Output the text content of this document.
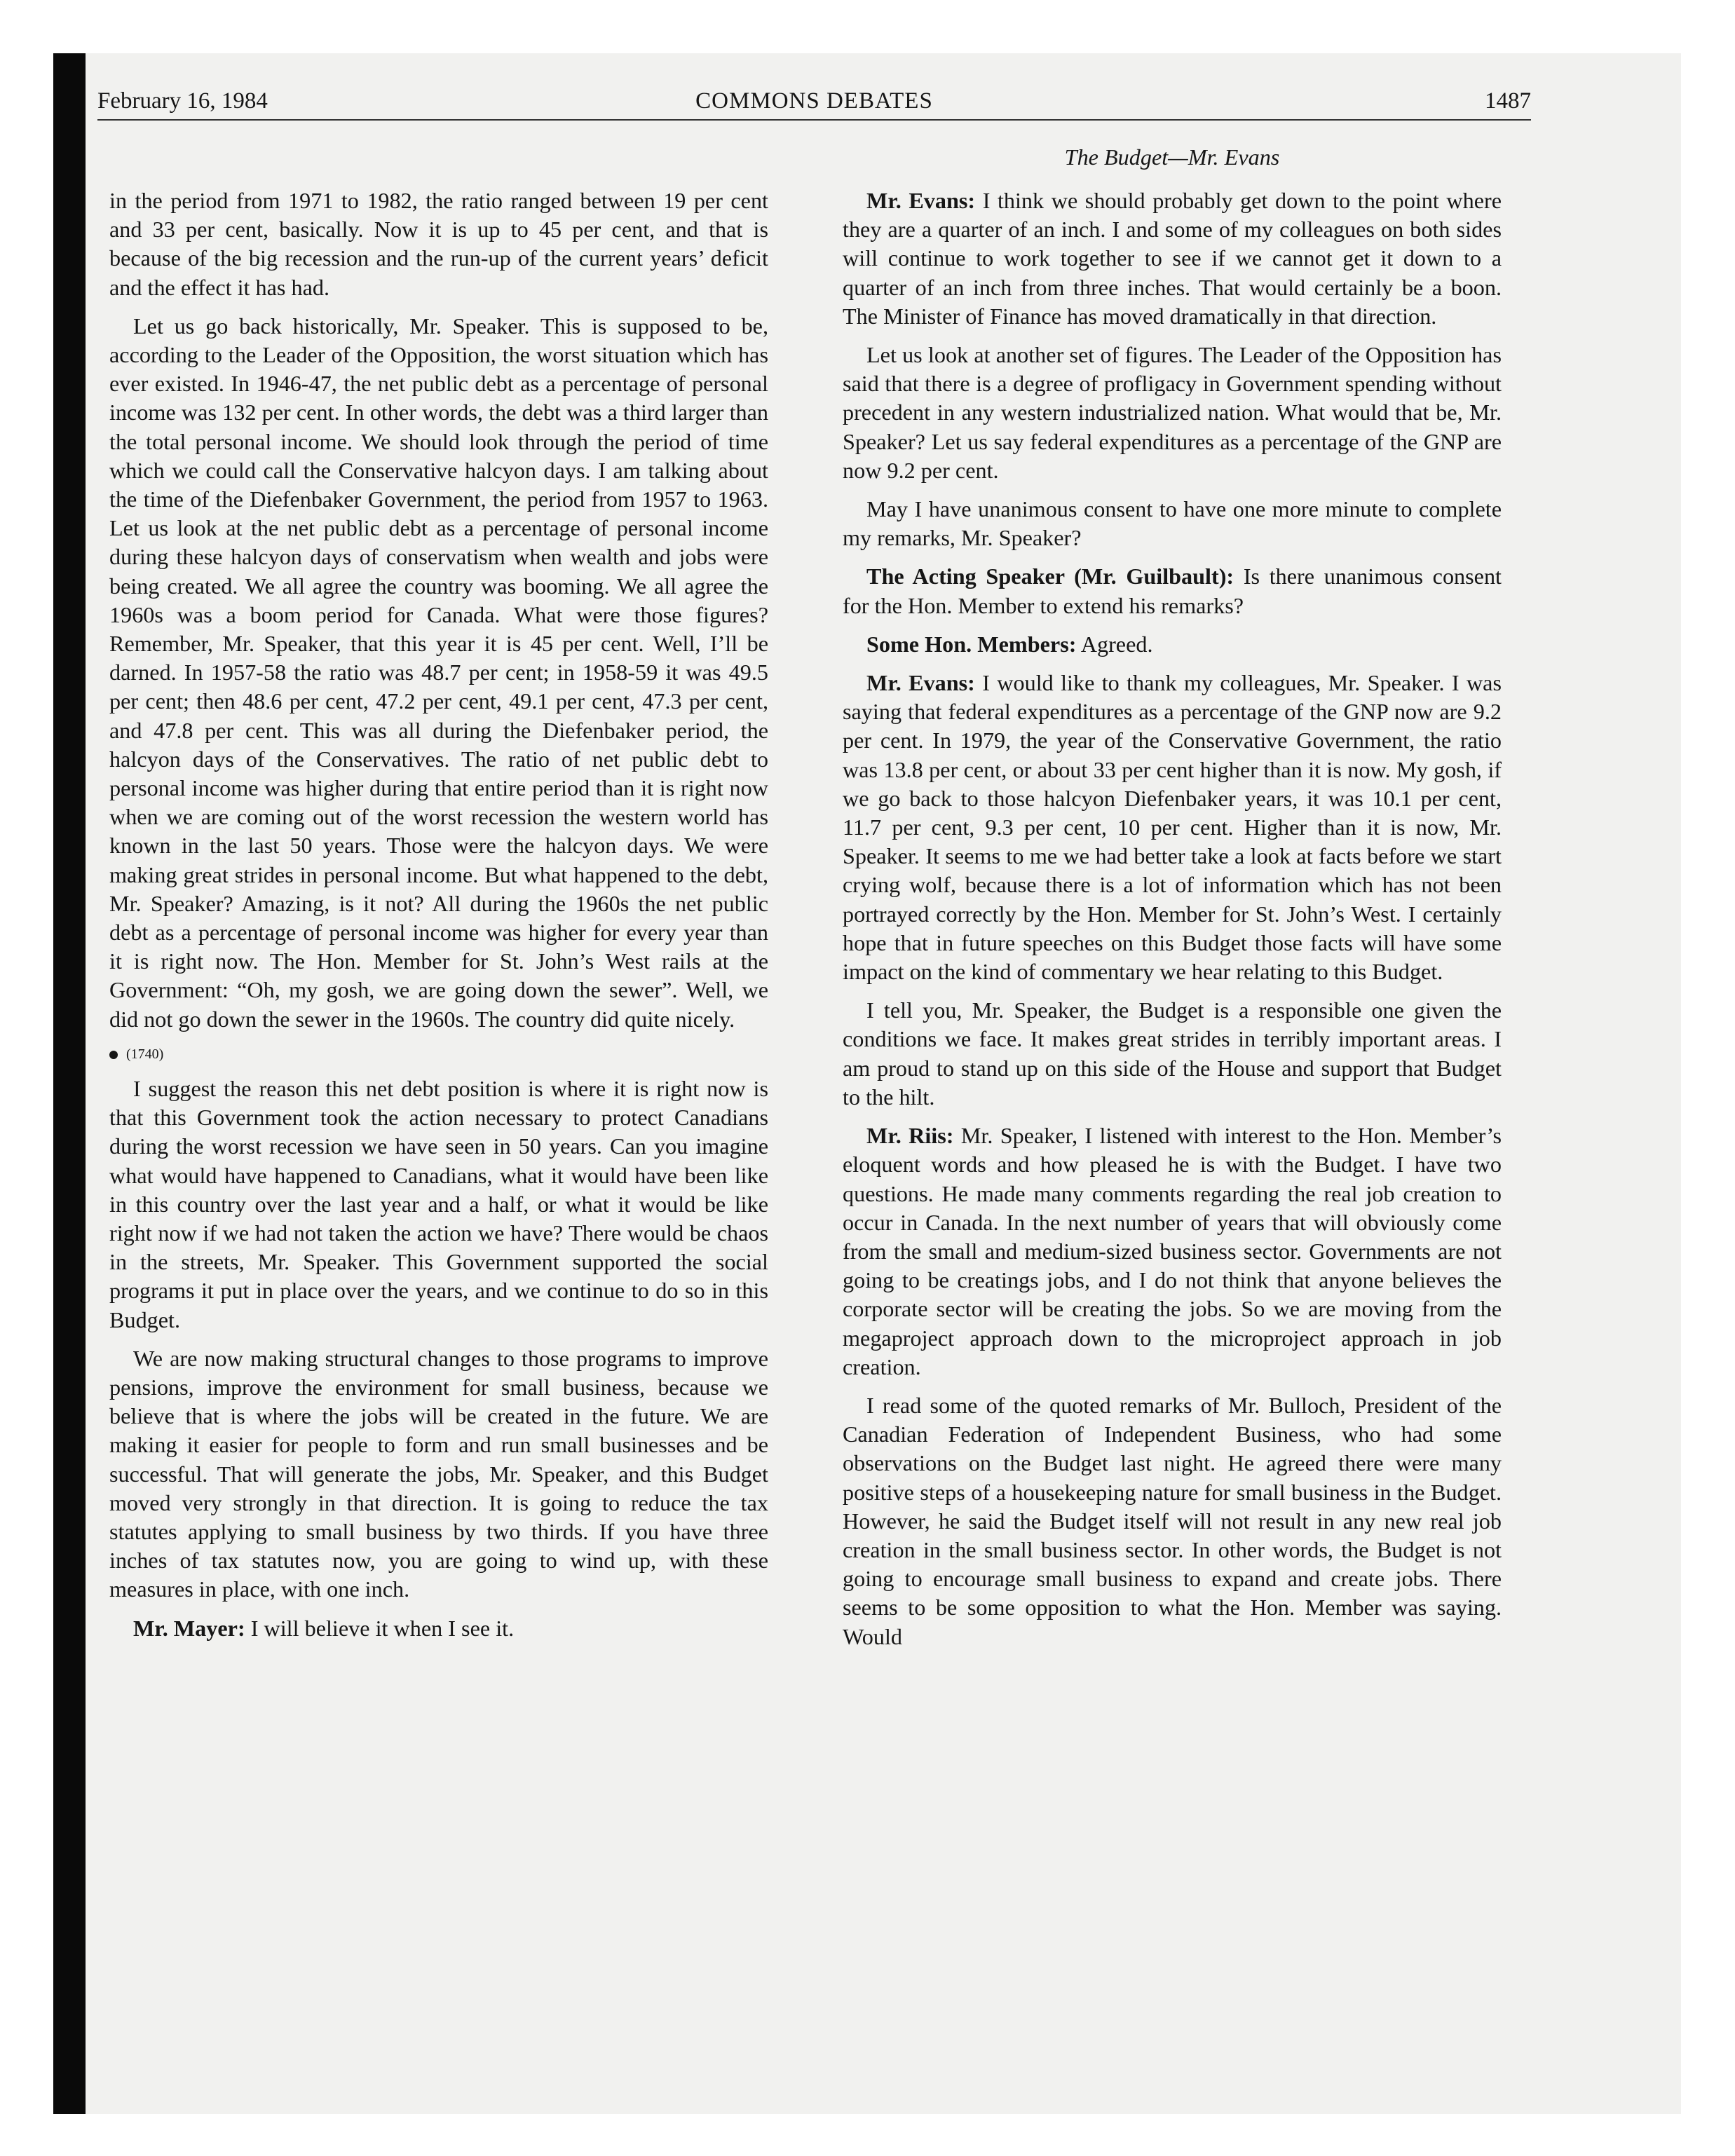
February 16, 1984	COMMONS DEBATES	1487
The Budget—Mr. Evans

in the period from 1971 to 1982, the ratio ranged between 19 per cent and 33 per cent, basically. Now it is up to 45 per cent, and that is because of the big recession and the run-up of the current years’ deficit and the effect it has had.

Let us go back historically, Mr. Speaker. This is supposed to be, according to the Leader of the Opposition, the worst situation which has ever existed. In 1946-47, the net public debt as a percentage of personal income was 132 per cent. In other words, the debt was a third larger than the total personal income. We should look through the period of time which we could call the Conservative halcyon days. I am talking about the time of the Diefenbaker Government, the period from 1957 to 1963. Let us look at the net public debt as a percentage of personal income during these halcyon days of conservatism when wealth and jobs were being created. We all agree the country was booming. We all agree the 1960s was a boom period for Canada. What were those figures? Remember, Mr. Speaker, that this year it is 45 per cent. Well, I’ll be darned. In 1957-58 the ratio was 48.7 per cent; in 1958-59 it was 49.5 per cent; then 48.6 per cent, 47.2 per cent, 49.1 per cent, 47.3 per cent, and 47.8 per cent. This was all during the Diefenbaker period, the halcyon days of the Conservatives. The ratio of net public debt to personal income was higher during that entire period than it is right now when we are coming out of the worst recession the western world has known in the last 50 years. Those were the halcyon days. We were making great strides in personal income. But what happened to the debt, Mr. Speaker? Amazing, is it not? All during the 1960s the net public debt as a percentage of personal income was higher for every year than it is right now. The Hon. Member for St. John’s West rails at the Government: “Oh, my gosh, we are going down the sewer”. Well, we did not go down the sewer in the 1960s. The country did quite nicely.

(1740)

I suggest the reason this net debt position is where it is right now is that this Government took the action necessary to protect Canadians during the worst recession we have seen in 50 years. Can you imagine what would have happened to Canadians, what it would have been like in this country over the last year and a half, or what it would be like right now if we had not taken the action we have? There would be chaos in the streets, Mr. Speaker. This Government supported the social programs it put in place over the years, and we continue to do so in this Budget.

We are now making structural changes to those programs to improve pensions, improve the environment for small business, because we believe that is where the jobs will be created in the future. We are making it easier for people to form and run small businesses and be successful. That will generate the jobs, Mr. Speaker, and this Budget moved very strongly in that direction. It is going to reduce the tax statutes applying to small business by two thirds. If you have three inches of tax statutes now, you are going to wind up, with these measures in place, with one inch.

Mr. Mayer: I will believe it when I see it.

Mr. Evans: I think we should probably get down to the point where they are a quarter of an inch. I and some of my colleagues on both sides will continue to work together to see if we cannot get it down to a quarter of an inch from three inches. That would certainly be a boon. The Minister of Finance has moved dramatically in that direction.

Let us look at another set of figures. The Leader of the Opposition has said that there is a degree of profligacy in Government spending without precedent in any western industrialized nation. What would that be, Mr. Speaker? Let us say federal expenditures as a percentage of the GNP are now 9.2 per cent.

May I have unanimous consent to have one more minute to complete my remarks, Mr. Speaker?

The Acting Speaker (Mr. Guilbault): Is there unanimous consent for the Hon. Member to extend his remarks?

Some Hon. Members: Agreed.

Mr. Evans: I would like to thank my colleagues, Mr. Speaker. I was saying that federal expenditures as a percentage of the GNP now are 9.2 per cent. In 1979, the year of the Conservative Government, the ratio was 13.8 per cent, or about 33 per cent higher than it is now. My gosh, if we go back to those halcyon Diefenbaker years, it was 10.1 per cent, 11.7 per cent, 9.3 per cent, 10 per cent. Higher than it is now, Mr. Speaker. It seems to me we had better take a look at facts before we start crying wolf, because there is a lot of information which has not been portrayed correctly by the Hon. Member for St. John’s West. I certainly hope that in future speeches on this Budget those facts will have some impact on the kind of commentary we hear relating to this Budget.

I tell you, Mr. Speaker, the Budget is a responsible one given the conditions we face. It makes great strides in terribly important areas. I am proud to stand up on this side of the House and support that Budget to the hilt.

Mr. Riis: Mr. Speaker, I listened with interest to the Hon. Member’s eloquent words and how pleased he is with the Budget. I have two questions. He made many comments regarding the real job creation to occur in Canada. In the next number of years that will obviously come from the small and medium-sized business sector. Governments are not going to be creatings jobs, and I do not think that anyone believes the corporate sector will be creating the jobs. So we are moving from the megaproject approach down to the microproject approach in job creation.

I read some of the quoted remarks of Mr. Bulloch, President of the Canadian Federation of Independent Business, who had some observations on the Budget last night. He agreed there were many positive steps of a housekeeping nature for small business in the Budget. However, he said the Budget itself will not result in any new real job creation in the small business sector. In other words, the Budget is not going to encourage small business to expand and create jobs. There seems to be some opposition to what the Hon. Member was saying. Would
